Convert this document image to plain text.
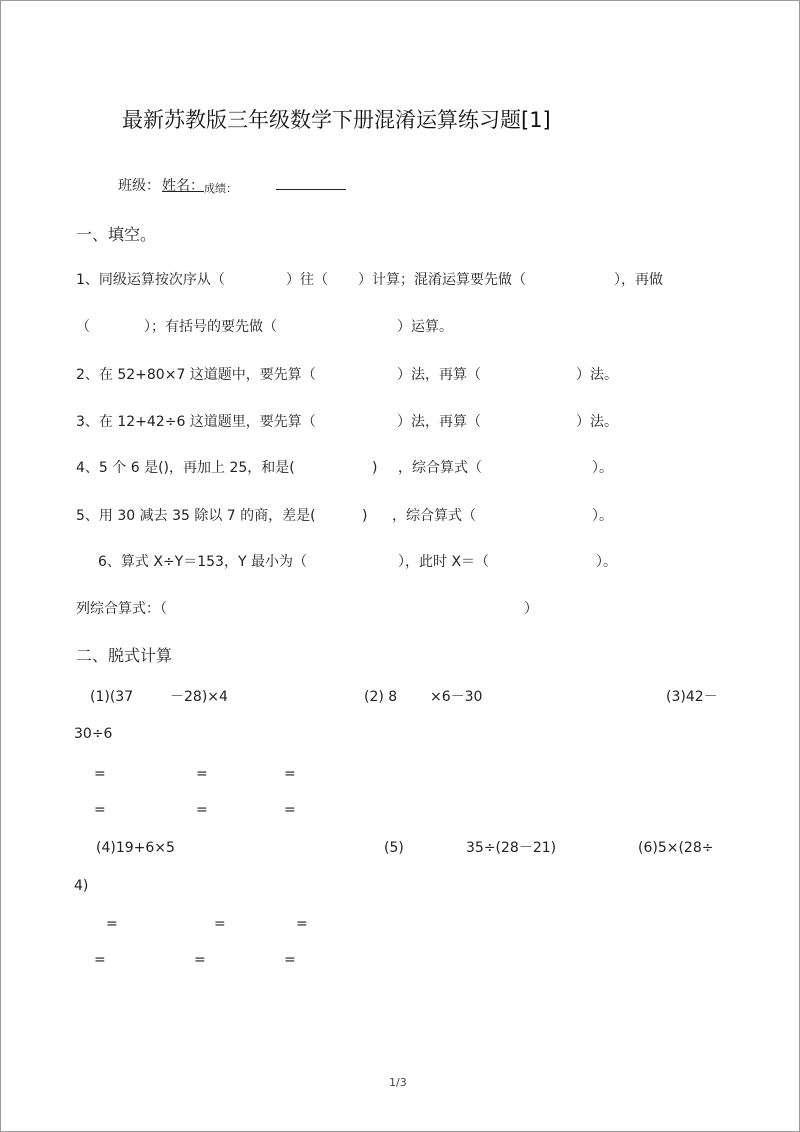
最新苏教版三年级数学下册混淆运算练习题[1]
班级： 姓名： 成绩：
一、填空。
1、同级运算按次序从（	）往（ ）计算；混淆运算要先做（	），再做
（	）；有括号的要先做（	）运算。
2、在 52+80×7 这道题中，要先算（	）法，再算（	）法。
3、在 12+42÷6 这道题里，要先算（	）法，再算（	）法。
4、5 个 6 是()，再加上 25，和是(	) ，综合算式（	）。
5、用 30 减去 35 除以 7 的商，差是(	) ，综合算式（	）。
6、算式 X÷Y＝153，Y 最小为（	），此时 X＝（	）。
列综合算式：（	）
二、脱式计算
(1)(37	－28)×4	(2) 8 ×6－30	(3)42－
30÷6
=	=	=
=	=	=
(4)19+6×5	(5)	35÷(28－21)	(6)5×(28÷
4)
=	=	=
=	=	=
1/3
